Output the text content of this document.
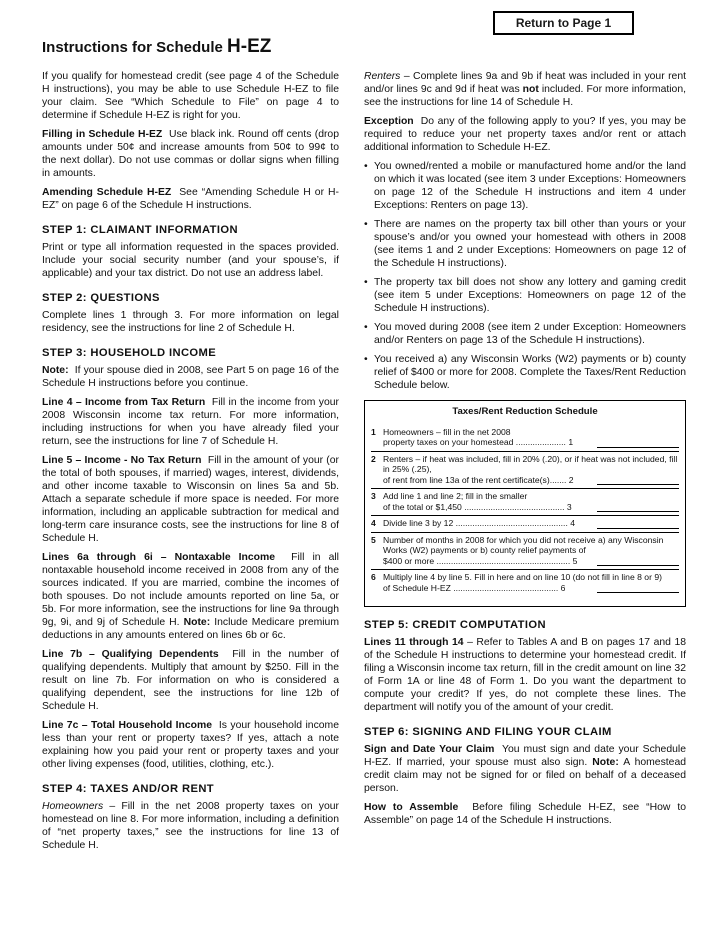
Return to Page 1
Instructions for Schedule H-EZ

If you qualify for homestead credit (see page 4 of the Schedule H instructions), you may be able to use Schedule H-EZ to file your claim. See “Which Schedule to File” on page 4 to determine if Schedule H-EZ is right for you.

Filling in Schedule H-EZ Use black ink. Round off cents (drop amounts under 50¢ and increase amounts from 50¢ to 99¢ to the next dollar). Do not use commas or dollar signs when filling in amounts.

Amending Schedule H-EZ See “Amending Schedule H or H-EZ” on page 6 of the Schedule H instructions.

STEP 1: CLAIMANT INFORMATION

Print or type all information requested in the spaces provided. Include your social security number (and your spouse’s, if applicable) and your tax district. Do not use an address label.

STEP 2: QUESTIONS

Complete lines 1 through 3. For more information on legal residency, see the instructions for line 2 of Schedule H.

STEP 3: HOUSEHOLD INCOME

Note: If your spouse died in 2008, see Part 5 on page 16 of the Schedule H instructions before you continue.

Line 4 – Income from Tax Return Fill in the income from your 2008 Wisconsin income tax return. For more information, including instructions for when you have already filed your return, see the instructions for line 7 of Schedule H.

Line 5 – Income - No Tax Return Fill in the amount of your (or the total of both spouses, if married) wages, interest, dividends, and other income taxable to Wisconsin on lines 5a and 5b. Attach a separate schedule if more space is needed. For more information, including an applicable subtraction for medical and long-term care insurance costs, see the instructions for line 8 of Schedule H.

Lines 6a through 6i – Nontaxable Income Fill in all nontaxable household income received in 2008 from any of the sources indicated. If you are married, combine the incomes of both spouses. Do not include amounts reported on line 5a, or 5b. For more information, see the instructions for line 9a through 9g, 9i, and 9j of Schedule H. Note: Include Medicare premium deductions in any amounts entered on lines 6b or 6c.

Line 7b – Qualifying Dependents Fill in the number of qualifying dependents. Multiply that amount by $250. Fill in the result on line 7b. For information on who is considered a qualifying dependent, see the instructions for line 12b of Schedule H.

Line 7c – Total Household Income Is your household income less than your rent or property taxes? If yes, attach a note explaining how you paid your rent or property taxes and your other living expenses (food, utilities, clothing, etc.).

STEP 4: TAXES AND/OR RENT

Homeowners – Fill in the net 2008 property taxes on your homestead on line 8. For more information, including a definition of “net property taxes,” see the instructions for line 13 of Schedule H.

Renters – Complete lines 9a and 9b if heat was included in your rent and/or lines 9c and 9d if heat was not included. For more information, see the instructions for line 14 of Schedule H.

Exception Do any of the following apply to you? If yes, you may be required to reduce your net property taxes and/or rent or attach additional information to Schedule H-EZ.

• You owned/rented a mobile or manufactured home and/or the land on which it was located (see item 3 under Exceptions: Homeowners on page 12 of the Schedule H instructions and item 4 under Exceptions: Renters on page 13).
• There are names on the property tax bill other than yours or your spouse’s and/or you owned your homestead with others in 2008 (see items 1 and 2 under Exceptions: Homeowners on page 12 of the Schedule H instructions).
• The property tax bill does not show any lottery and gaming credit (see item 5 under Exceptions: Homeowners on page 12 of the Schedule H instructions).
• You moved during 2008 (see item 2 under Exception: Homeowners and/or Renters on page 13 of the Schedule H instructions).
• You received a) any Wisconsin Works (W2) payments or b) county relief of $400 or more for 2008. Complete the Taxes/Rent Reduction Schedule below.
Taxes/Rent Reduction Schedule
1 Homeowners – fill in the net 2008
property taxes on your homestead ..................... 1
2 Renters – if heat was included, fill in 20% (.20), or if heat was not included, fill in 25% (.25),
of rent from line 13a of the rent certificate(s)....... 2
3 Add line 1 and line 2; fill in the smaller
of the total or $1,450 .......................................... 3
4 Divide line 3 by 12 ............................................... 4
5 Number of months in 2008 for which you did not receive a) any Wisconsin Works (W2) payments or b) county relief payments of
$400 or more ........................................................ 5
6 Multiply line 4 by line 5. Fill in here and on line 10 (do not fill in line 8 or 9)
of Schedule H-EZ ............................................ 6
STEP 5: CREDIT COMPUTATION

Lines 11 through 14 – Refer to Tables A and B on pages 17 and 18 of the Schedule H instructions to determine your homestead credit. If filing a Wisconsin income tax return, fill in the credit amount on line 32 of Form 1A or line 48 of Form 1. Do you want the department to compute your credit? If yes, do not complete these lines. The department will notify you of the amount of your credit.

STEP 6: SIGNING AND FILING YOUR CLAIM

Sign and Date Your Claim You must sign and date your Schedule H-EZ. If married, your spouse must also sign. Note: A homestead credit claim may not be signed for or filed on behalf of a deceased person.

How to Assemble Before filing Schedule H-EZ, see “How to Assemble” on page 14 of the Schedule H instructions.
